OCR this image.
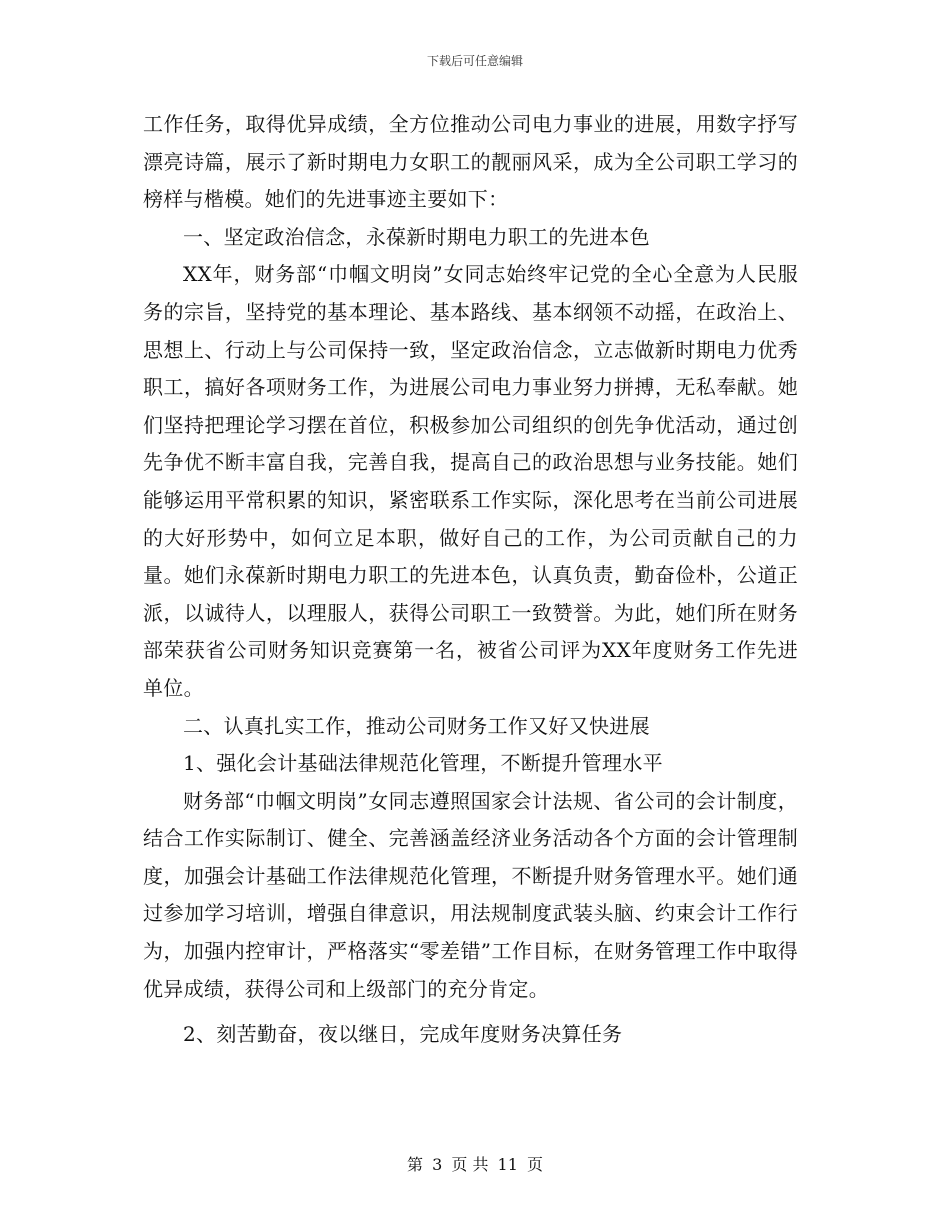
下载后可任意编辑

工作任务，取得优异成绩，全方位推动公司电力事业的进展，用数字抒写漂亮诗篇，展示了新时期电力女职工的靓丽风采，成为全公司职工学习的榜样与楷模。她们的先进事迹主要如下：

一、坚定政治信念，永葆新时期电力职工的先进本色

XX年，财务部“巾帼文明岗”女同志始终牢记党的全心全意为人民服务的宗旨，坚持党的基本理论、基本路线、基本纲领不动摇，在政治上、思想上、行动上与公司保持一致，坚定政治信念，立志做新时期电力优秀职工，搞好各项财务工作，为进展公司电力事业努力拼搏，无私奉献。她们坚持把理论学习摆在首位，积极参加公司组织的创先争优活动，通过创先争优不断丰富自我，完善自我，提高自己的政治思想与业务技能。她们能够运用平常积累的知识，紧密联系工作实际，深化思考在当前公司进展的大好形势中，如何立足本职，做好自己的工作，为公司贡献自己的力量。她们永葆新时期电力职工的先进本色，认真负责，勤奋俭朴，公道正派，以诚待人，以理服人，获得公司职工一致赞誉。为此，她们所在财务部荣获省公司财务知识竞赛第一名，被省公司评为XX年度财务工作先进单位。

二、认真扎实工作，推动公司财务工作又好又快进展

1、强化会计基础法律规范化管理，不断提升管理水平

财务部“巾帼文明岗”女同志遵照国家会计法规、省公司的会计制度，结合工作实际制订、健全、完善涵盖经济业务活动各个方面的会计管理制度，加强会计基础工作法律规范化管理，不断提升财务管理水平。她们通过参加学习培训，增强自律意识，用法规制度武装头脑、约束会计工作行为，加强内控审计，严格落实“零差错”工作目标，在财务管理工作中取得优异成绩，获得公司和上级部门的充分肯定。

2、刻苦勤奋，夜以继日，完成年度财务决算任务

第 3 页 共 11 页
